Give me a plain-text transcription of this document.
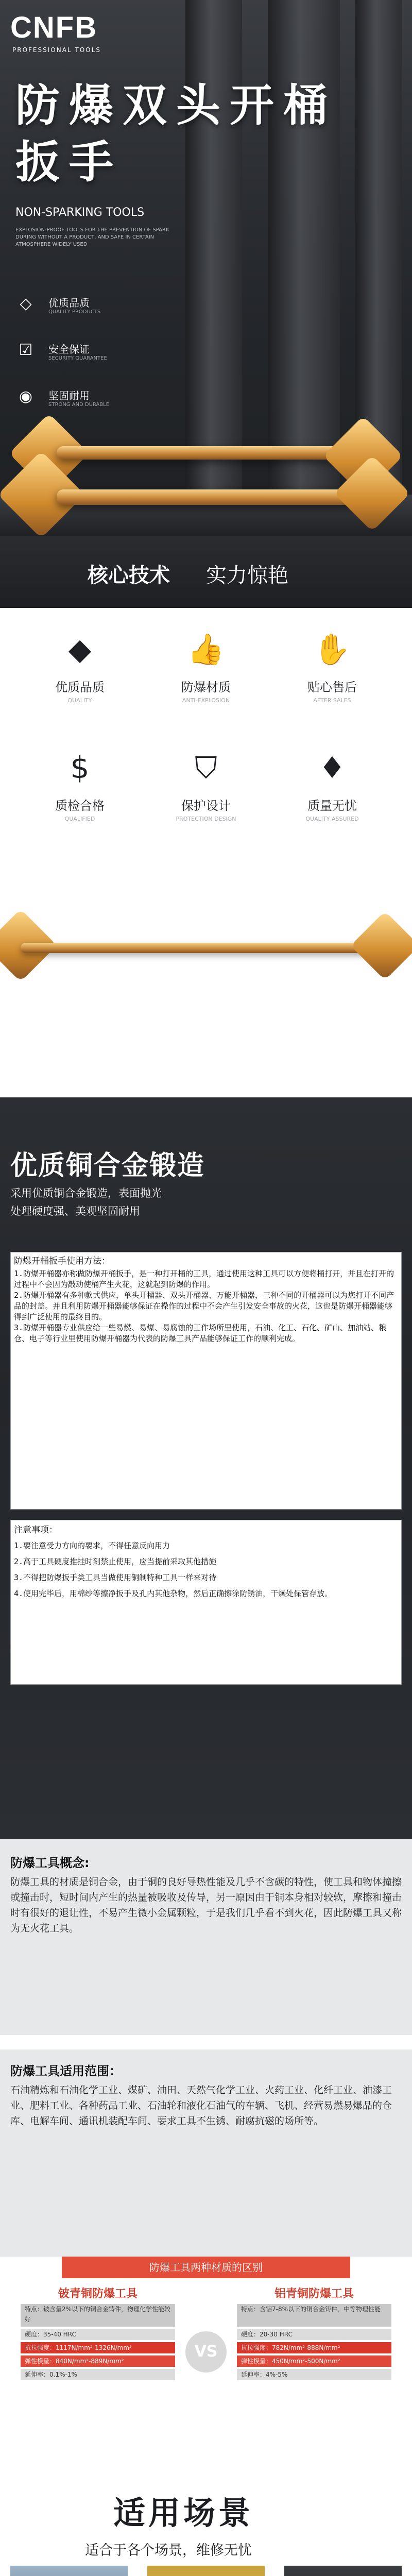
CNFB
PROFESSIONAL TOOLS
防爆双头开桶扳手
NON-SPARKING TOOLS
EXPLOSION-PROOF TOOLS FOR THE PREVENTION OF SPARK DURING WITHOUT A PRODUCT, AND SAFE IN CERTAIN ATMOSPHERE WIDELY USED
◇	优质品质
QUALITY PRODUCTS
☑	安全保证
SECURITY GUARANTEE
◉	坚固耐用
STRONG AND DURABLE
核心技术 实力惊艳
◆
优质品质
QUALITY
👍
防爆材质
ANTI-EXPLOSION
✋
贴心售后
AFTER SALES
$
质检合格
QUALIFIED
⛉
保护设计
PROTECTION DESIGN
♦
质量无忧
QUALITY ASSURED
优质铜合金锻造
采用优质铜合金锻造，表面抛光
处理硬度强、美观坚固耐用

防爆开桶扳手使用方法：

1.防爆开桶器亦称做防爆开桶扳手，是一种打开桶的工具，通过使用这种工具可以方便将桶打开，并且在打开的过程中不会因为敲动使桶产生火花，这就起到防爆的作用。

2.防爆开桶器有多种款式供应，单头开桶器、双头开桶器、万能开桶器，三种不同的开桶器可以为您打开不同产品的封盖。并且利用防爆开桶器能够保证在操作的过程中不会产生引发安全事故的火花，这也是防爆开桶器能够得到广泛使用的最终目的。

3.防爆开桶器专业供应给一些易燃、易爆、易腐蚀的工作场所里使用，石油、化工、石化、矿山、加油站、粮仓、电子等行业里使用防爆开桶器为代表的防爆工具产品能够保证工作的顺利完成。

注意事项：

1.要注意受力方向的要求，不得任意反向用力

2.高于工具硬度推挂时刻禁止使用，应当提前采取其他措施

3.不得把防爆扳手类工具当做使用铜制特种工具一样来对待

4.使用完毕后，用棉纱等擦净扳手及孔内其他杂物，然后正确擦涂防锈油，干燥处保管存放。

防爆工具概念:
防爆工具的材质是铜合金，由于铜的良好导热性能及几乎不含碳的特性，使工具和物体撞擦或撞击时，短时间内产生的热量被吸收及传导，另一原因由于铜本身相对较软，摩擦和撞击时有很好的退让性，不易产生微小金属颗粒，于是我们几乎看不到火花，因此防爆工具又称为无火花工具。
防爆工具适用范围：
石油精炼和石油化学工业、煤矿、油田、天然气化学工业、火药工业、化纤工业、油漆工业、肥料工业、各种药品工业、石油轮和液化石油气的车辆、飞机、经营易燃易爆品的仓库、电解车间、通讯机装配车间、要求工具不生锈、耐腐抗磁的场所等。
防爆工具两种材质的区别
铍青铜防爆工具
特点：铍含量2%以下的铜合金铸件，物理化学性能较好
硬度：35-40 HRC
抗拉强度：1117N/mm²-1326N/mm²
弹性模量：840N/mm²-889N/mm²
延伸率：0.1%-1%
VS
铝青铜防爆工具
特点：含铝7-8%以下的铜合金铸件，中等物理性能
硬度：20-30 HRC
抗拉强度：782N/mm²-888N/mm²
弹性模量：450N/mm²-500N/mm²
延伸率：4%-5%
适用场景
适合于各个场景，维修无忧
